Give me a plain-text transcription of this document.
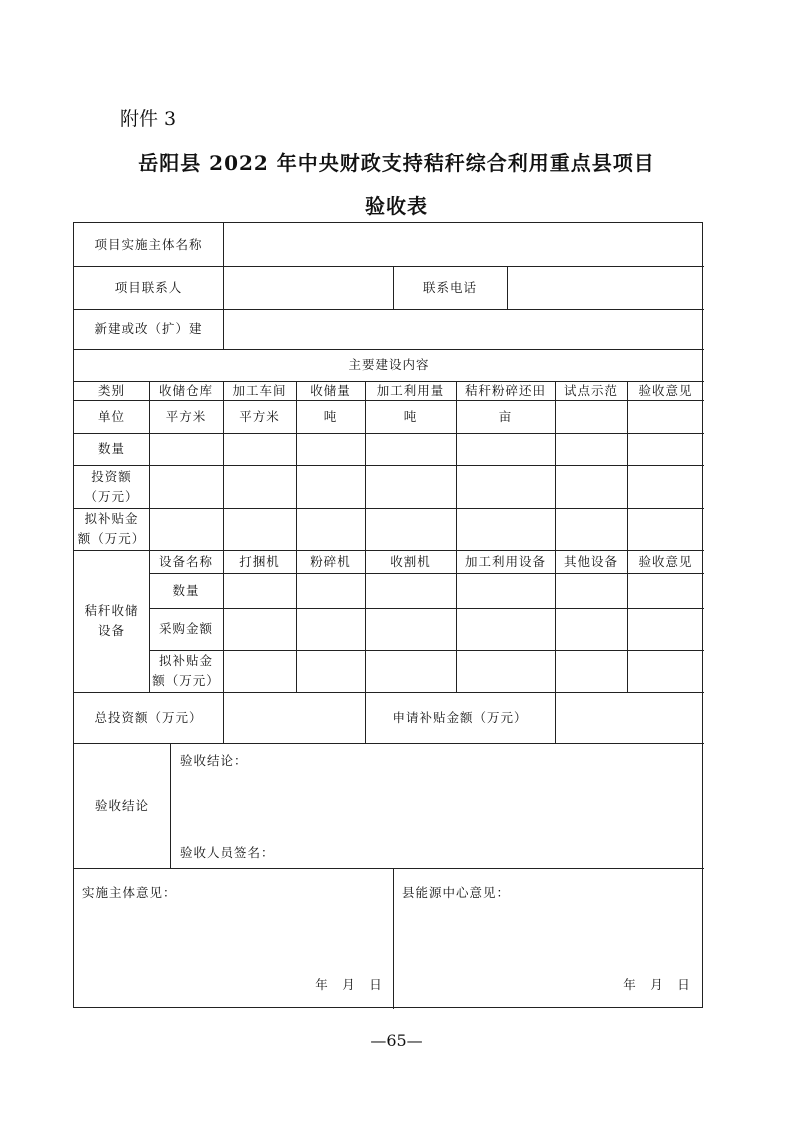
附件 3
岳阳县 2022 年中央财政支持秸秆综合利用重点县项目
验收表
项目实施主体名称
项目联系人	联系电话
新建或改（扩）建
主要建设内容
类别	收储仓库	加工车间	收储量	加工利用量	秸秆粉碎还田	试点示范	验收意见
单位	平方米	平方米	吨	吨	亩
数量
投资额
（万元）
拟补贴金
额（万元）
秸秆收储
设备
设备名称	打捆机	粉碎机	收割机	加工利用设备	其他设备	验收意见
数量
采购金额
拟补贴金
额（万元）
总投资额（万元）	申请补贴金额（万元）
验收结论
验收结论：
验收人员签名：
实施主体意见：
年　月　日
县能源中心意见：
年　月　日
—65—
